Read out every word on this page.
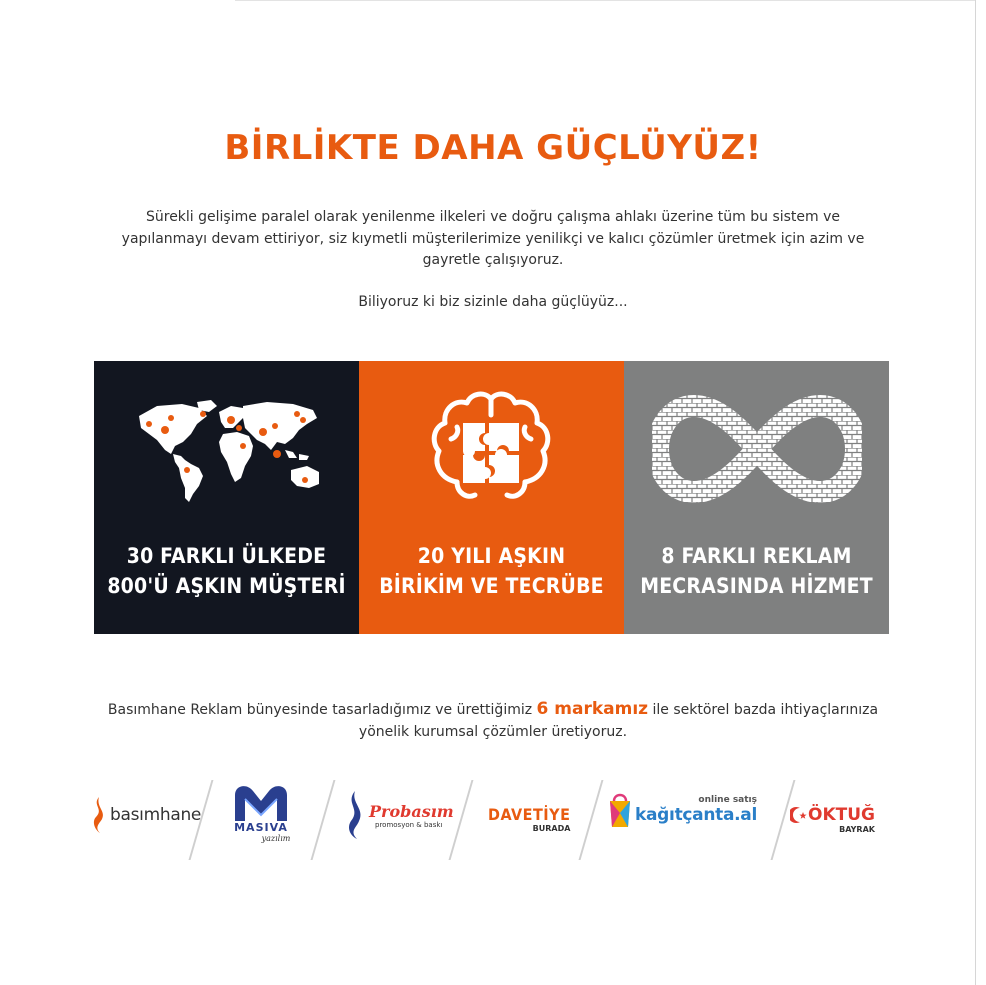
BİRLİKTE DAHA GÜÇLÜYÜZ!

Sürekli gelişime paralel olarak yenilenme ilkeleri ve doğru çalışma ahlakı üzerine tüm bu sistem ve yapılanmayı devam ettiriyor, siz kıymetli müşterilerimize yenilikçi ve kalıcı çözümler üretmek için azim ve gayretle çalışıyoruz.

Biliyoruz ki biz sizinle daha güçlüyüz...

30 FARKLI ÜLKEDE
800'Ü AŞKIN MÜŞTERİ
20 YILI AŞKIN
BİRİKİM VE TECRÜBE
8 FARKLI REKLAM
MECRASINDA HİZMET

Basımhane Reklam bünyesinde tasarladığımız ve ürettiğimiz 6 markamız ile sektörel bazda ihtiyaçlarınıza yönelik kurumsal çözümler üretiyoruz.

basımhane
MASIVA
yazılım
Probasım
promosyon & baskı
DAVETİYE
BURADA
online satış
kağıtçanta.al	ÖKTUĞ
BAYRAK
